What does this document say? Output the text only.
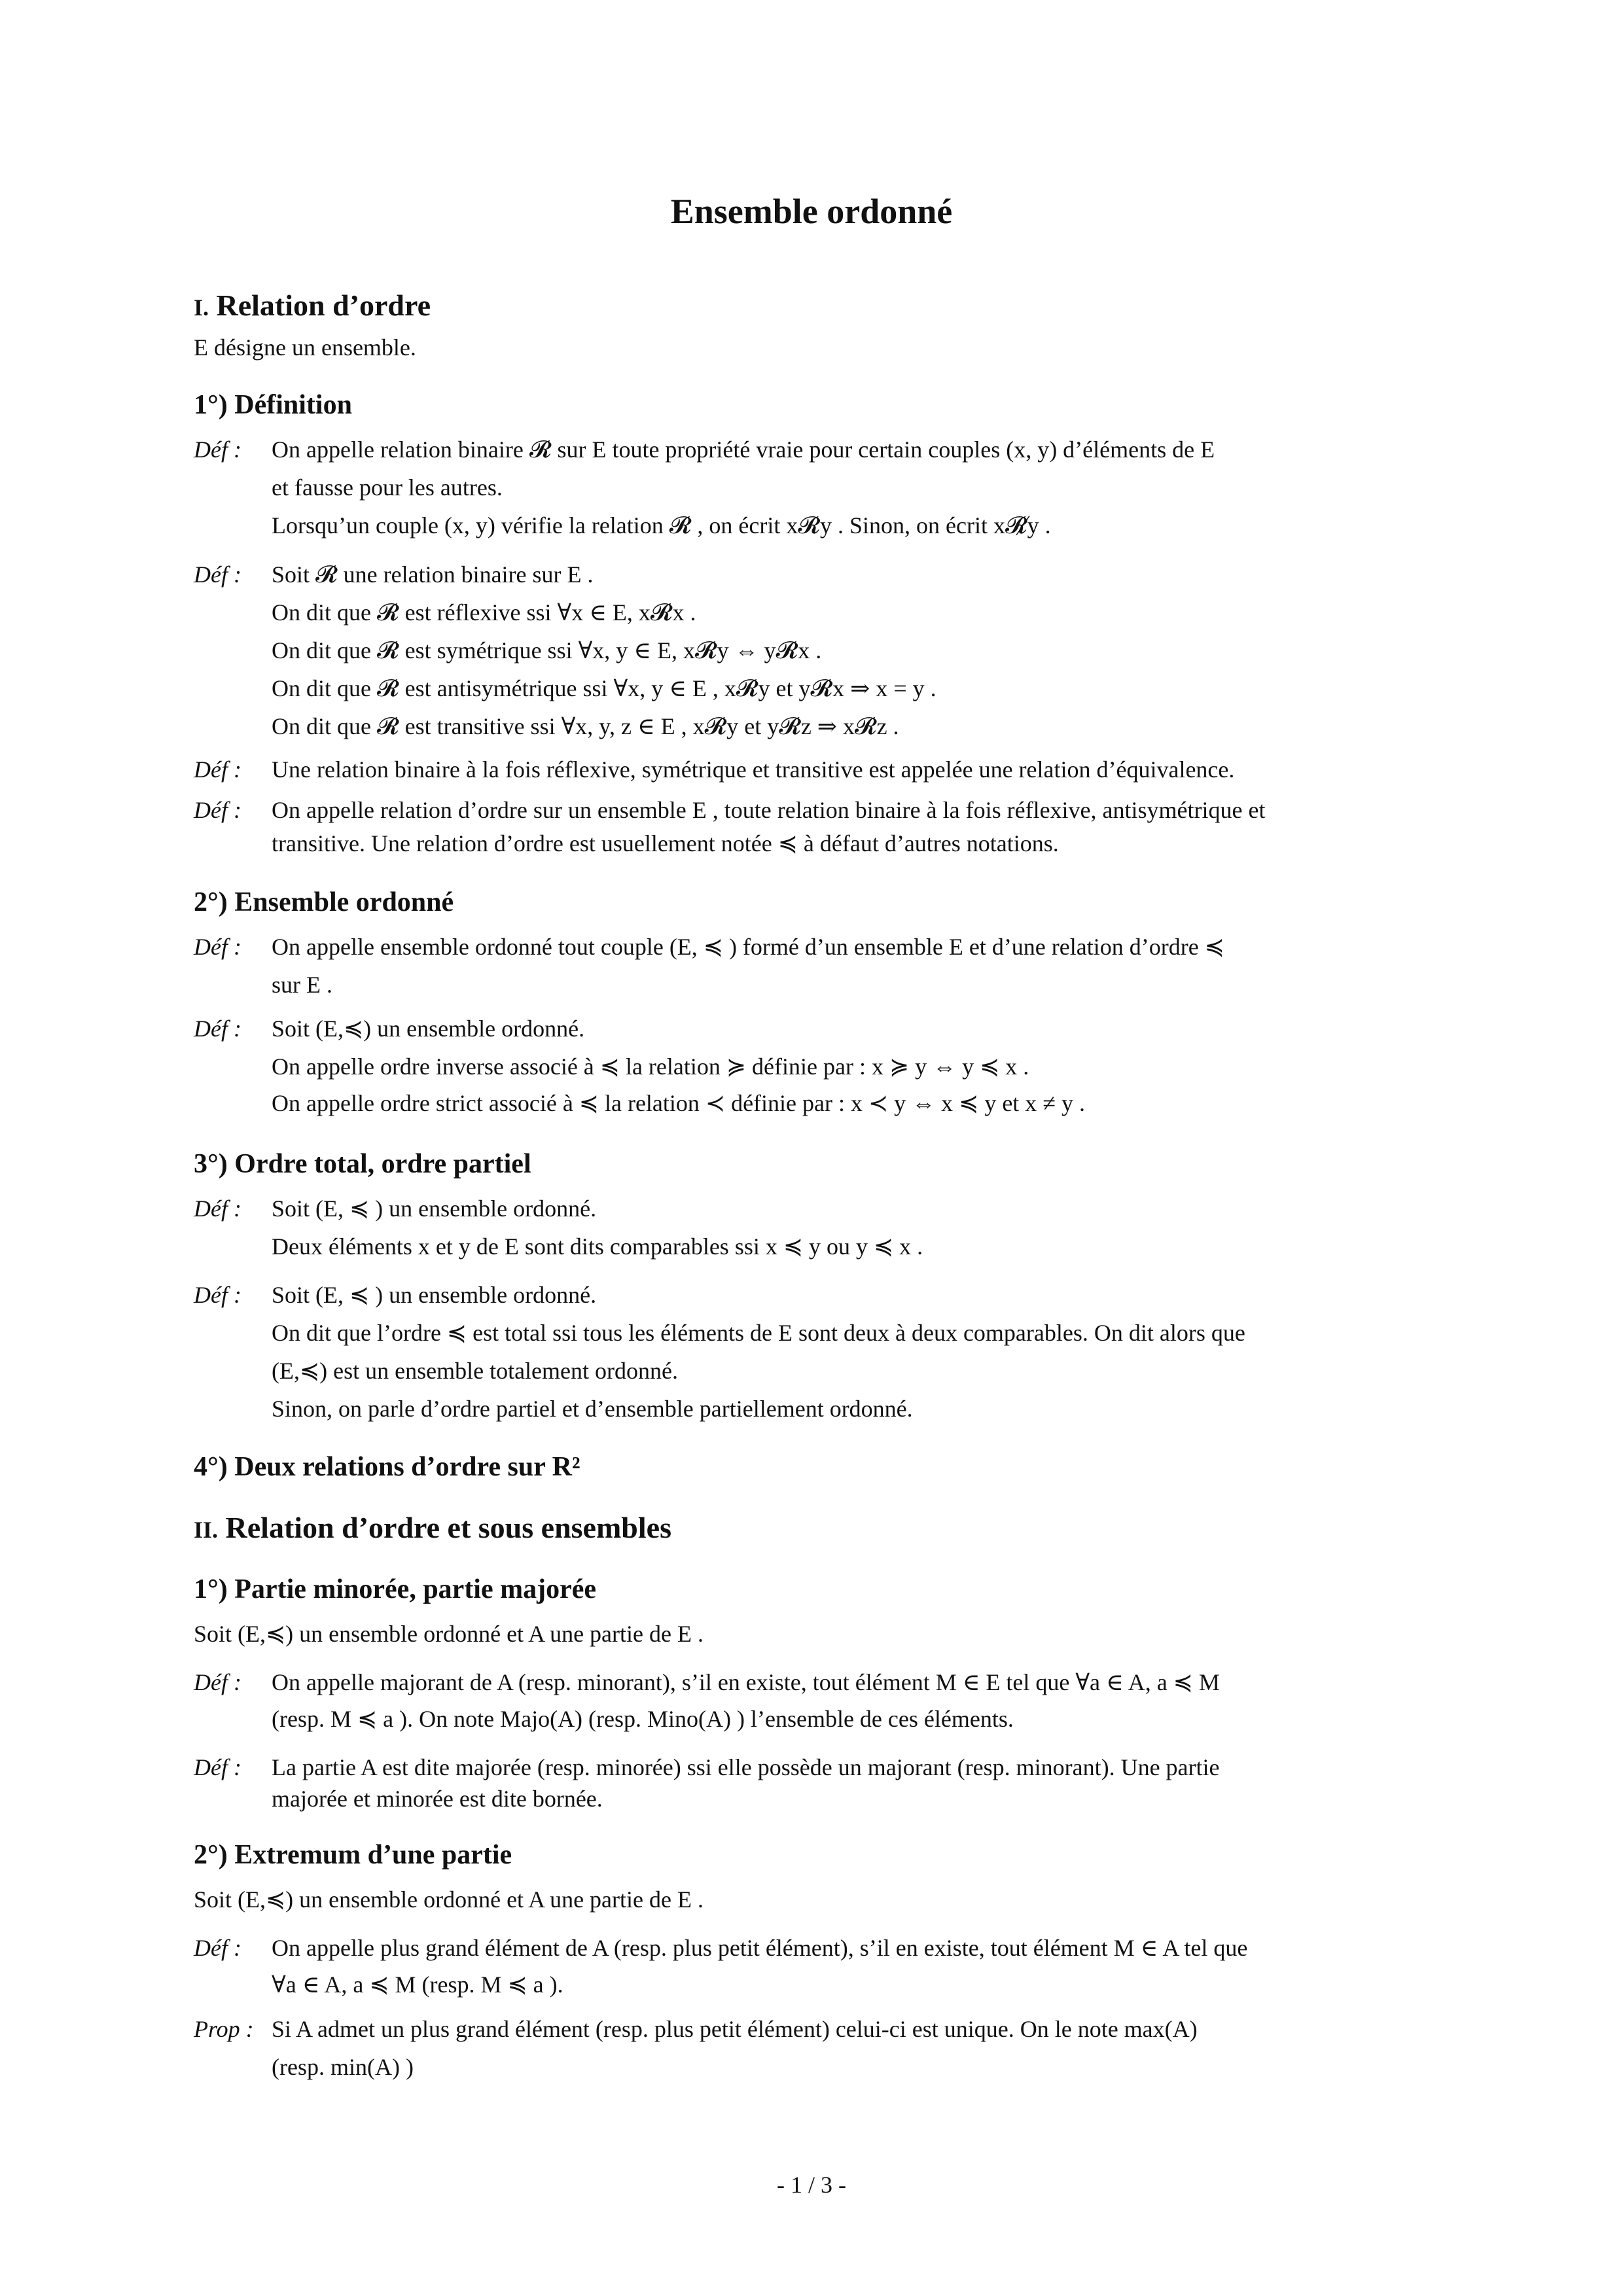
Ensemble ordonné
I. Relation d’ordre

E désigne un ensemble.

1°) Définition
Déf : On appelle relation binaire 𝓡 sur E toute propriété vraie pour certain couples (x, y) d’éléments de E

et fausse pour les autres.

Lorsqu’un couple (x, y) vérifie la relation 𝓡 , on écrit x𝓡y . Sinon, on écrit x𝓡̸y .

Déf : Soit 𝓡 une relation binaire sur E .

On dit que 𝓡 est réflexive ssi ∀x ∈ E, x𝓡x .

On dit que 𝓡 est symétrique ssi ∀x, y ∈ E, x𝓡y ⇔ y𝓡x .

On dit que 𝓡 est antisymétrique ssi ∀x, y ∈ E , x𝓡y et y𝓡x ⇒ x = y .

On dit que 𝓡 est transitive ssi ∀x, y, z ∈ E , x𝓡y et y𝓡z ⇒ x𝓡z .

Déf : Une relation binaire à la fois réflexive, symétrique et transitive est appelée une relation d’équivalence.

Déf : On appelle relation d’ordre sur un ensemble E , toute relation binaire à la fois réflexive, antisymétrique et

transitive. Une relation d’ordre est usuellement notée ≼ à défaut d’autres notations.

2°) Ensemble ordonné
Déf : On appelle ensemble ordonné tout couple (E, ≼ ) formé d’un ensemble E et d’une relation d’ordre ≼

sur E .

Déf : Soit (E,≼) un ensemble ordonné.

On appelle ordre inverse associé à ≼ la relation ≽ définie par : x ≽ y ⇔ y ≼ x .

On appelle ordre strict associé à ≼ la relation ≺ définie par : x ≺ y ⇔ x ≼ y et x ≠ y .

3°) Ordre total, ordre partiel
Déf : Soit (E, ≼ ) un ensemble ordonné.

Deux éléments x et y de E sont dits comparables ssi x ≼ y ou y ≼ x .

Déf : Soit (E, ≼ ) un ensemble ordonné.

On dit que l’ordre ≼ est total ssi tous les éléments de E sont deux à deux comparables. On dit alors que

(E,≼) est un ensemble totalement ordonné.

Sinon, on parle d’ordre partiel et d’ensemble partiellement ordonné.

4°) Deux relations d’ordre sur R²
II. Relation d’ordre et sous ensembles
1°) Partie minorée, partie majorée

Soit (E,≼) un ensemble ordonné et A une partie de E .

Déf : On appelle majorant de A (resp. minorant), s’il en existe, tout élément M ∈ E tel que ∀a ∈ A, a ≼ M

(resp. M ≼ a ). On note Majo(A) (resp. Mino(A) ) l’ensemble de ces éléments.

Déf : La partie A est dite majorée (resp. minorée) ssi elle possède un majorant (resp. minorant). Une partie

majorée et minorée est dite bornée.

2°) Extremum d’une partie

Soit (E,≼) un ensemble ordonné et A une partie de E .

Déf : On appelle plus grand élément de A (resp. plus petit élément), s’il en existe, tout élément M ∈ A tel que

∀a ∈ A, a ≼ M (resp. M ≼ a ).

Prop : Si A admet un plus grand élément (resp. plus petit élément) celui-ci est unique. On le note max(A)

(resp. min(A) )

- 1 / 3 -
